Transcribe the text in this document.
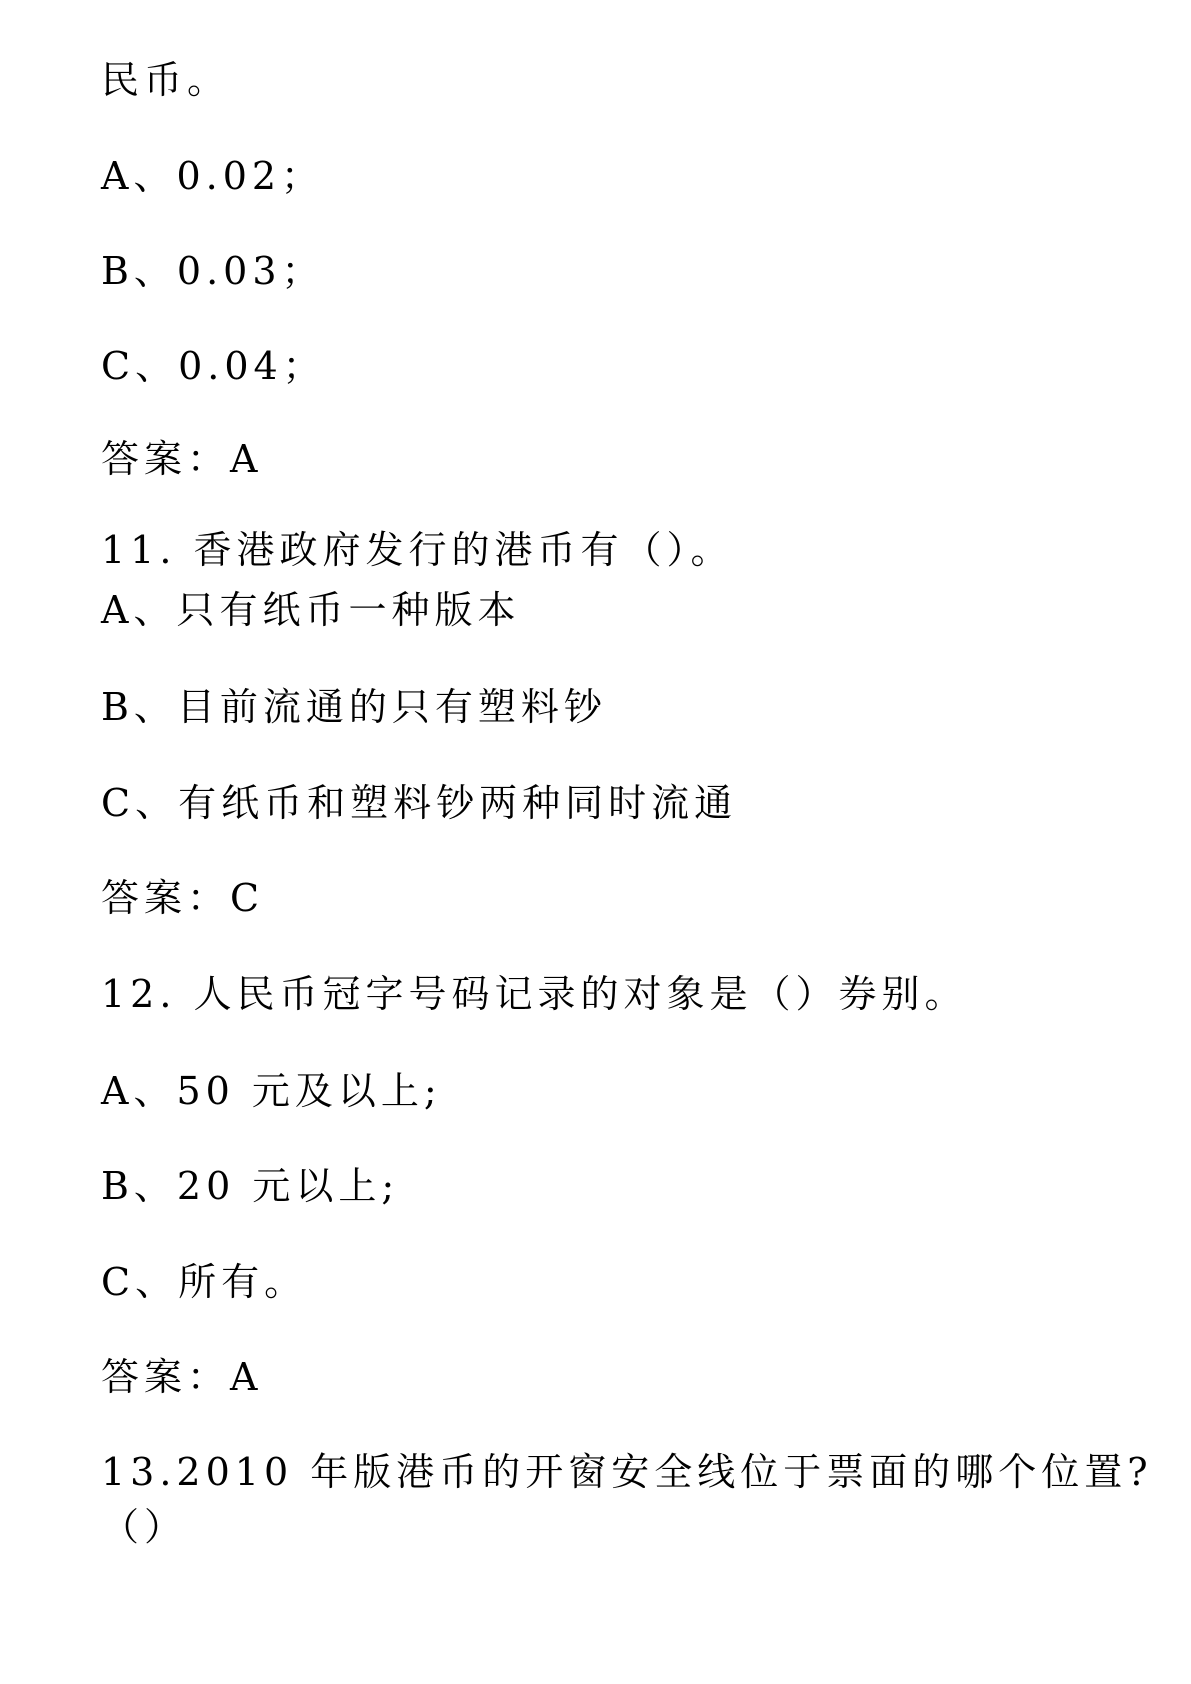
民币。

A、0.02；

B、0.03；

C、0.04；

答案：A

11. 香港政府发行的港币有（）。

A、只有纸币一种版本

B、目前流通的只有塑料钞

C、有纸币和塑料钞两种同时流通

答案：C

12. 人民币冠字号码记录的对象是（）券别。

A、50 元及以上;

B、20 元以上;

C、所有。

答案：A

13.2010 年版港币的开窗安全线位于票面的哪个位置?

（）
